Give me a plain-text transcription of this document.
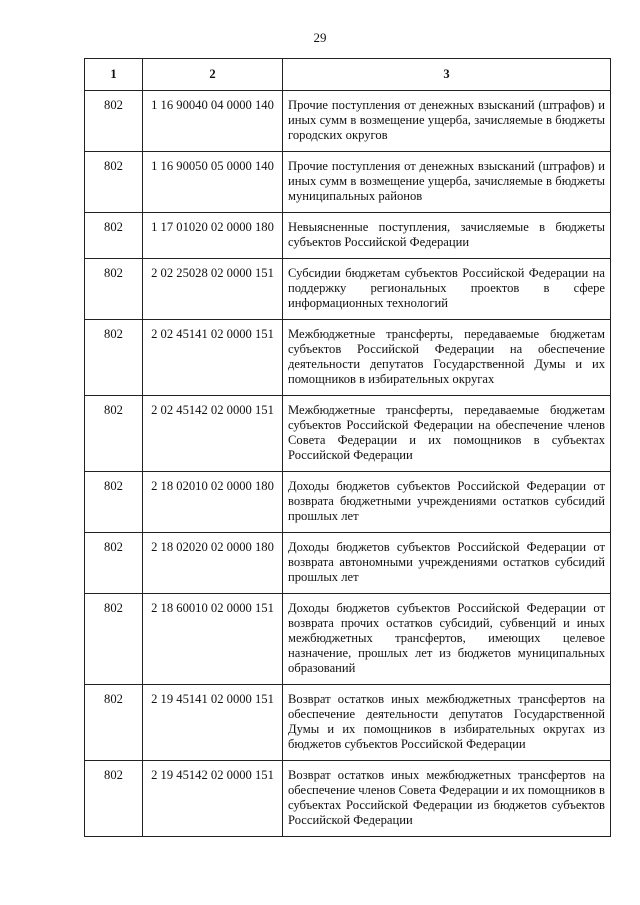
29
1	2	3
802	1 16 90040 04 0000 140	Прочие поступления от денежных взысканий (штрафов) и иных сумм в возмещение ущерба, зачисляемые в бюджеты городских округов
802	1 16 90050 05 0000 140	Прочие поступления от денежных взысканий (штрафов) и иных сумм в возмещение ущерба, зачисляемые в бюджеты муниципальных районов
802	1 17 01020 02 0000 180	Невыясненные поступления, зачисляемые в бюджеты субъектов Российской Федерации
802	2 02 25028 02 0000 151	Субсидии бюджетам субъектов Российской Федерации на поддержку региональных проектов в сфере информационных технологий
802	2 02 45141 02 0000 151	Межбюджетные трансферты, передаваемые бюджетам субъектов Российской Федерации на обеспечение деятельности депутатов Государственной Думы и их помощников в избирательных округах
802	2 02 45142 02 0000 151	Межбюджетные трансферты, передаваемые бюджетам субъектов Российской Федерации на обеспечение членов Совета Федерации и их помощников в субъектах Российской Федерации
802	2 18 02010 02 0000 180	Доходы бюджетов субъектов Российской Федерации от возврата бюджетными учреждениями остатков субсидий прошлых лет
802	2 18 02020 02 0000 180	Доходы бюджетов субъектов Российской Федерации от возврата автономными учреждениями остатков субсидий прошлых лет
802	2 18 60010 02 0000 151	Доходы бюджетов субъектов Российской Федерации от возврата прочих остатков субсидий, субвенций и иных межбюджетных трансфертов, имеющих целевое назначение, прошлых лет из бюджетов муниципальных образований
802	2 19 45141 02 0000 151	Возврат остатков иных межбюджетных трансфертов на обеспечение деятельности депутатов Государственной Думы и их помощников в избирательных округах из бюджетов субъектов Российской Федерации
802	2 19 45142 02 0000 151	Возврат остатков иных межбюджетных трансфертов на обеспечение членов Совета Федерации и их помощников в субъектах Российской Федерации из бюджетов субъектов Российской Федерации
